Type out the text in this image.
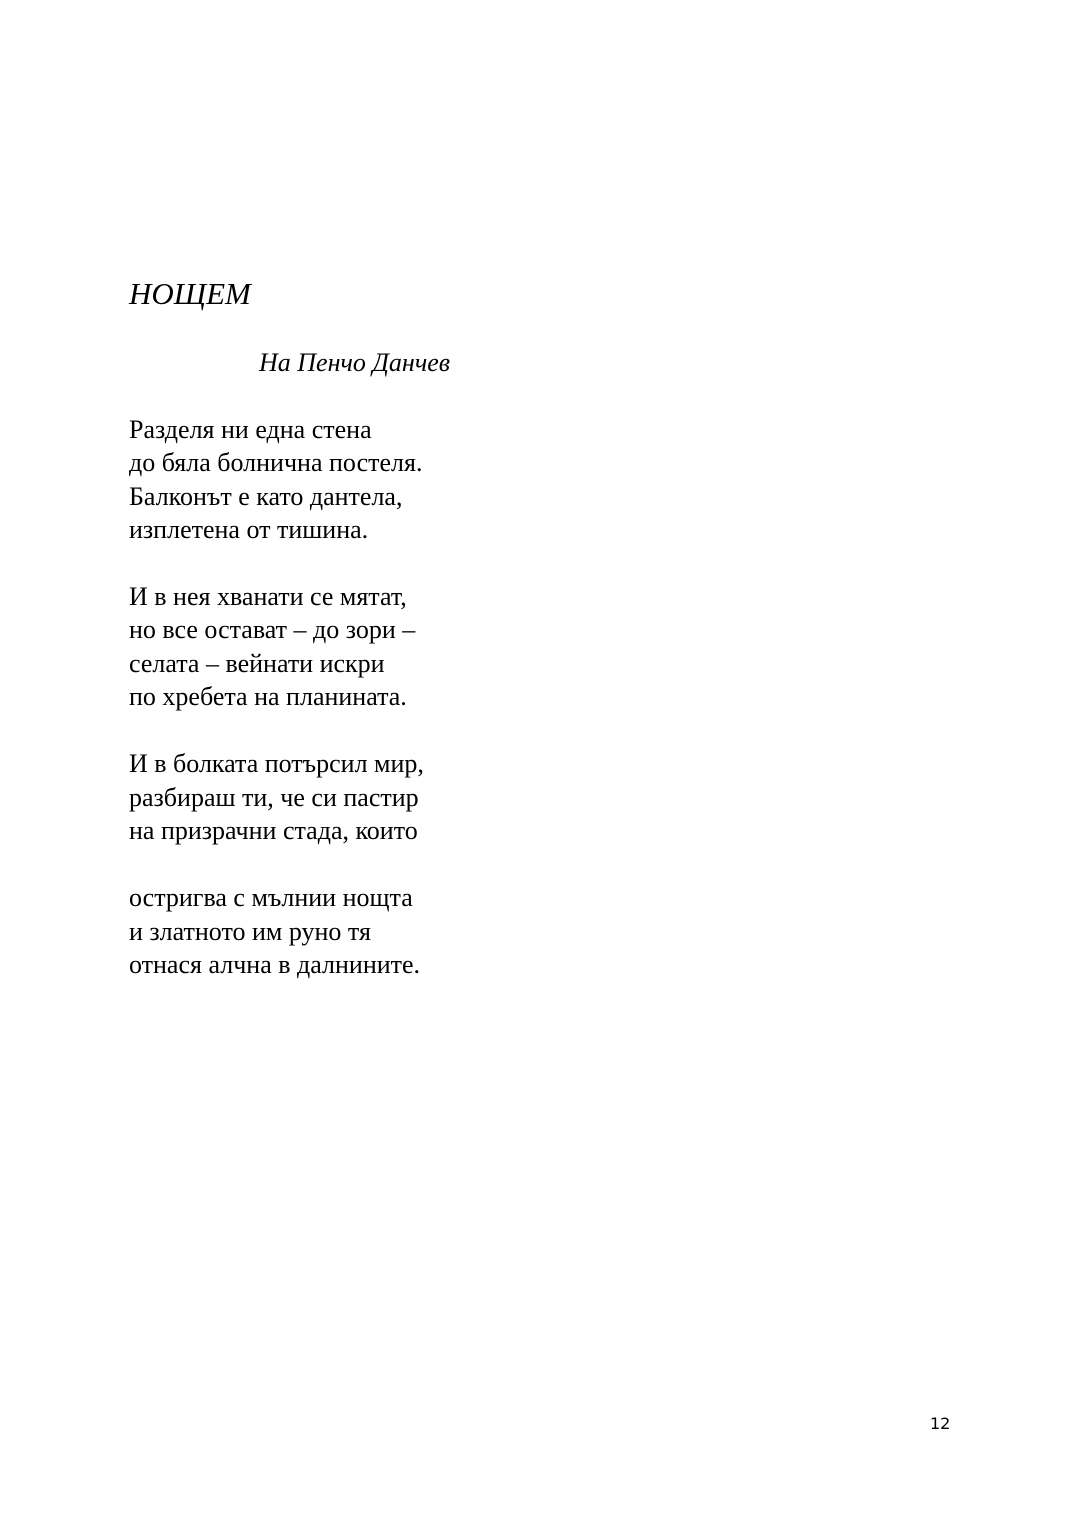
НОЩЕМ

На Пенчо Данчев

Разделя ни една стена
до бяла болнична постеля.
Балконът е като дантела,
изплетена от тишина.
И в нея хванати се мятат,
но все остават – до зори –
селата – вейнати искри
по хребета на планината.
И в болката потърсил мир,
разбираш ти, че си пастир
на призрачни стада, които
остригва с мълнии нощта
и златното им руно тя
отнася алчна в далнините.
12
